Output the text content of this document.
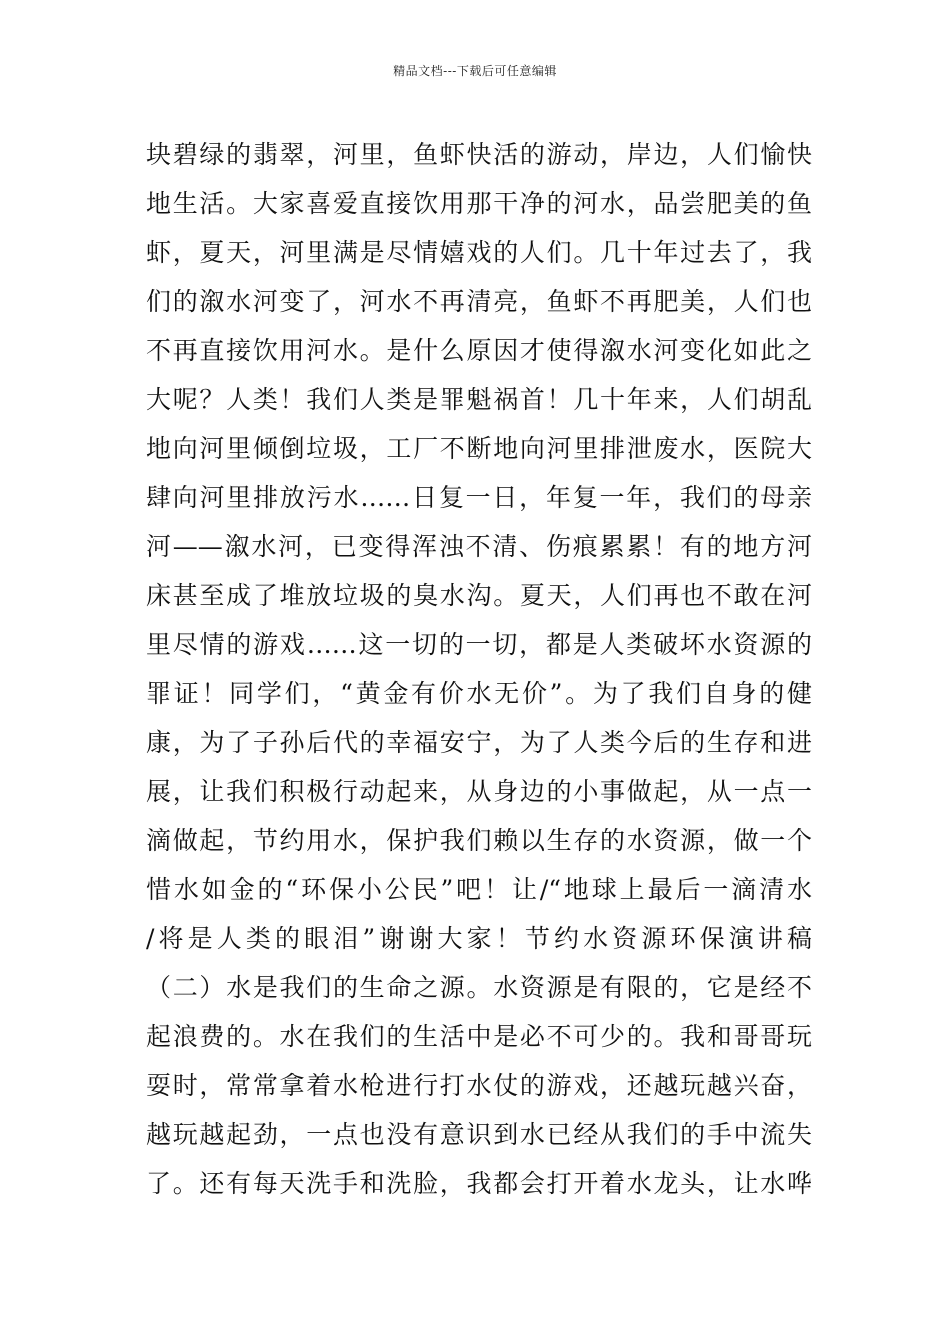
精品文档---下载后可任意编辑
块碧绿的翡翠，河里，鱼虾快活的游动，岸边，人们愉快
地生活。大家喜爱直接饮用那干净的河水，品尝肥美的鱼
虾，夏天，河里满是尽情嬉戏的人们。几十年过去了，我
们的溆水河变了，河水不再清亮，鱼虾不再肥美，人们也
不再直接饮用河水。是什么原因才使得溆水河变化如此之
大呢？人类！我们人类是罪魁祸首！几十年来，人们胡乱
地向河里倾倒垃圾，工厂不断地向河里排泄废水，医院大
肆向河里排放污水……日复一日，年复一年，我们的母亲
河——溆水河，已变得浑浊不清、伤痕累累！有的地方河
床甚至成了堆放垃圾的臭水沟。夏天，人们再也不敢在河
里尽情的游戏……这一切的一切，都是人类破坏水资源的
罪证！同学们，“黄金有价水无价”。为了我们自身的健
康，为了子孙后代的幸福安宁，为了人类今后的生存和进
展，让我们积极行动起来，从身边的小事做起，从一点一
滴做起，节约用水，保护我们赖以生存的水资源，做一个
惜水如金的“环保小公民”吧！让/“地球上最后一滴清水
/将是人类的眼泪”谢谢大家！节约水资源环保演讲稿
（二）水是我们的生命之源。水资源是有限的，它是经不
起浪费的。水在我们的生活中是必不可少的。我和哥哥玩
耍时，常常拿着水枪进行打水仗的游戏，还越玩越兴奋，
越玩越起劲，一点也没有意识到水已经从我们的手中流失
了。还有每天洗手和洗脸，我都会打开着水龙头，让水哗
